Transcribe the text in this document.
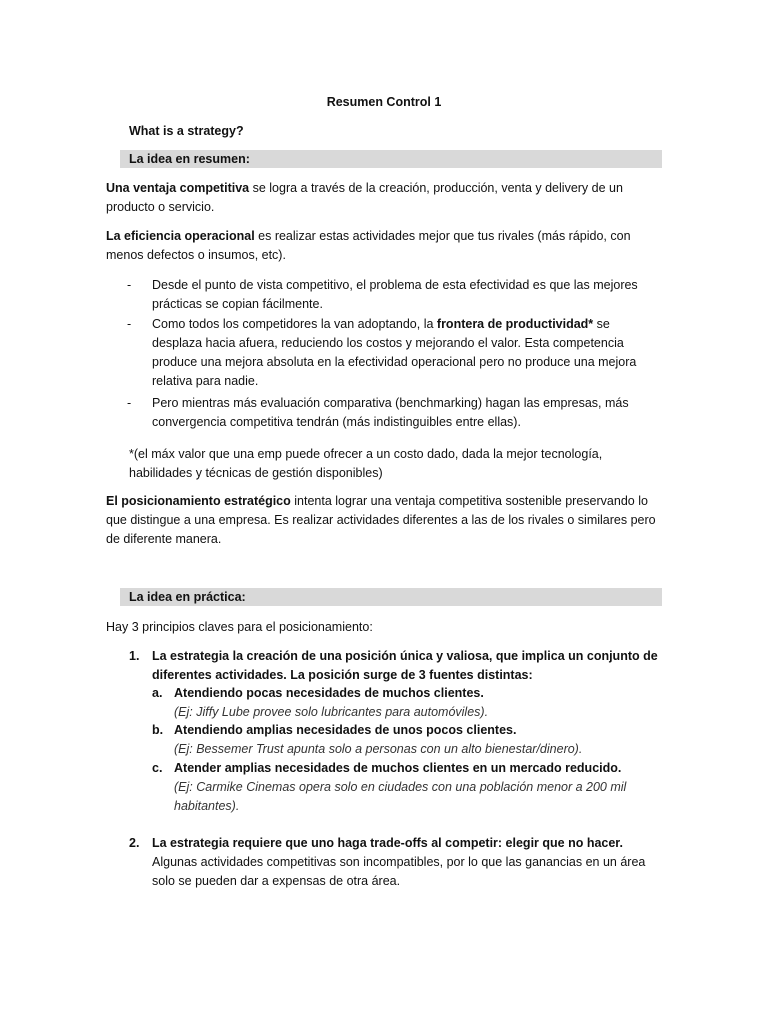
Resumen Control 1
What is a strategy?
La idea en resumen:
Una ventaja competitiva se logra a través de la creación, producción, venta y delivery de un producto o servicio.
La eficiencia operacional es realizar estas actividades mejor que tus rivales (más rápido, con menos defectos o insumos, etc).
- Desde el punto de vista competitivo, el problema de esta efectividad es que las mejores prácticas se copian fácilmente.
- Como todos los competidores la van adoptando, la frontera de productividad* se desplaza hacia afuera, reduciendo los costos y mejorando el valor. Esta competencia produce una mejora absoluta en la efectividad operacional pero no produce una mejora relativa para nadie.
- Pero mientras más evaluación comparativa (benchmarking) hagan las empresas, más convergencia competitiva tendrán (más indistinguibles entre ellas).
*(el máx valor que una emp puede ofrecer a un costo dado, dada la mejor tecnología, habilidades y técnicas de gestión disponibles)
El posicionamiento estratégico intenta lograr una ventaja competitiva sostenible preservando lo que distingue a una empresa. Es realizar actividades diferentes a las de los rivales o similares pero de diferente manera.
La idea en práctica:
Hay 3 principios claves para el posicionamiento:
1. La estrategia la creación de una posición única y valiosa, que implica un conjunto de diferentes actividades. La posición surge de 3 fuentes distintas:
a. Atendiendo pocas necesidades de muchos clientes.
(Ej: Jiffy Lube provee solo lubricantes para automóviles).
b. Atendiendo amplias necesidades de unos pocos clientes.
(Ej: Bessemer Trust apunta solo a personas con un alto bienestar/dinero).
c. Atender amplias necesidades de muchos clientes en un mercado reducido.
(Ej: Carmike Cinemas opera solo en ciudades con una población menor a 200 mil habitantes).
2. La estrategia requiere que uno haga trade-offs al competir: elegir que no hacer. Algunas actividades competitivas son incompatibles, por lo que las ganancias en un área solo se pueden dar a expensas de otra área.
